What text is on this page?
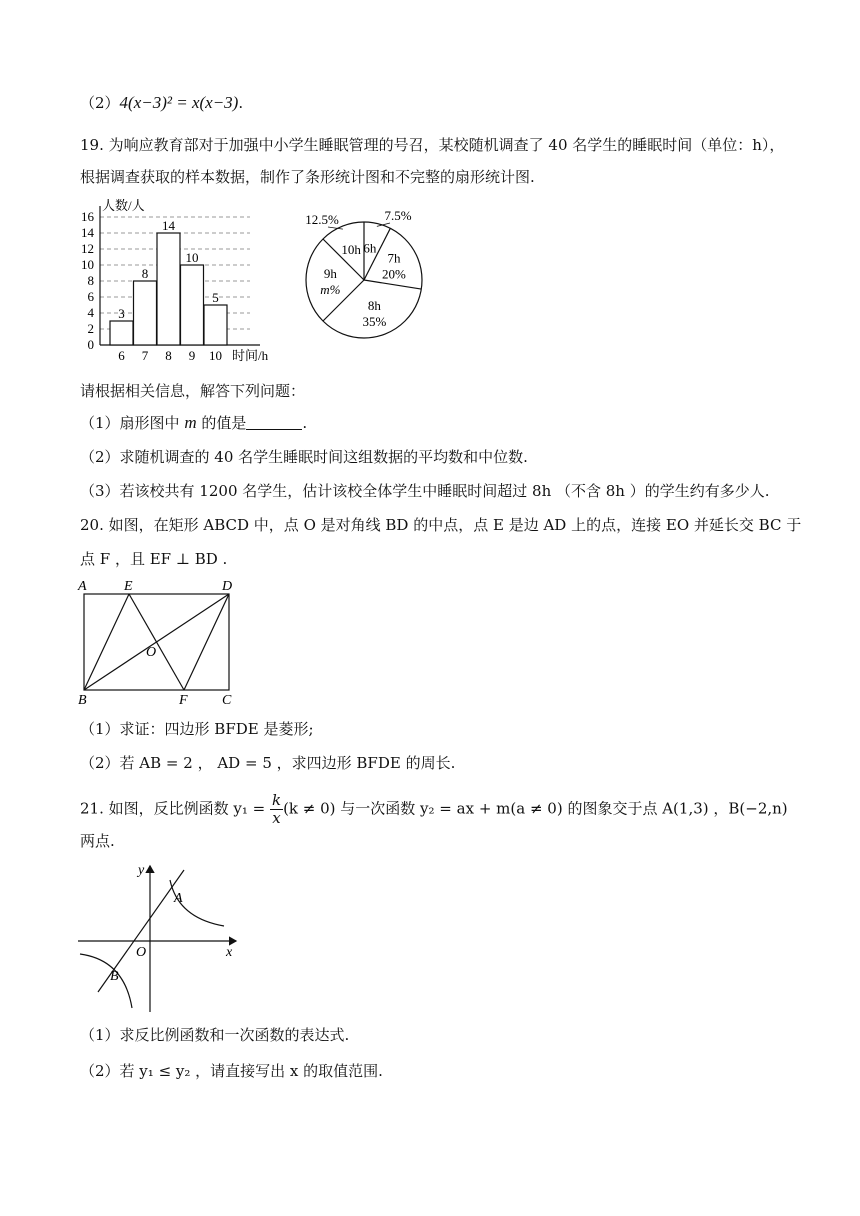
（2）4(x−3)² = x(x−3).
19. 为响应教育部对于加强中小学生睡眠管理的号召，某校随机调查了 40 名学生的睡眠时间（单位：h），
根据调查获取的样本数据，制作了条形统计图和不完整的扇形统计图.
0
2
4
6
8
10
12
14
16
人数/人
时间/h
3
6
8
7
14
8
10
9
5
10
6h
7.5%
7h
20%
8h
35%
9h
m%
10h
12.5%
请根据相关信息，解答下列问题：
（1）扇形图中 m 的值是	.
（2）求随机调查的 40 名学生睡眠时间这组数据的平均数和中位数.
（3）若该校共有 1200 名学生，估计该校全体学生中睡眠时间超过 8h （不含 8h ）的学生约有多少人.
20. 如图，在矩形 ABCD 中，点 O 是对角线 BD 的中点，点 E 是边 AD 上的点，连接 EO 并延长交 BC 于
点 F ，且 EF ⊥ BD .
A	E	D
O
B	F C
（1）求证：四边形 BFDE 是菱形;
（2）若 AB = 2 ， AD = 5 ，求四边形 BFDE 的周长.
21. 如图，反比例函数 $y_1 = \frac{k}{x} (k \ne 0)$ 与一次函数 y₂ = ax + m(a ≠ 0) 的图象交于点 A(1,3) ，B(−2,n)
两点.
y
x
O
A
B
（1）求反比例函数和一次函数的表达式.
（2）若 y₁ ≤ y₂ ，请直接写出 x 的取值范围.
